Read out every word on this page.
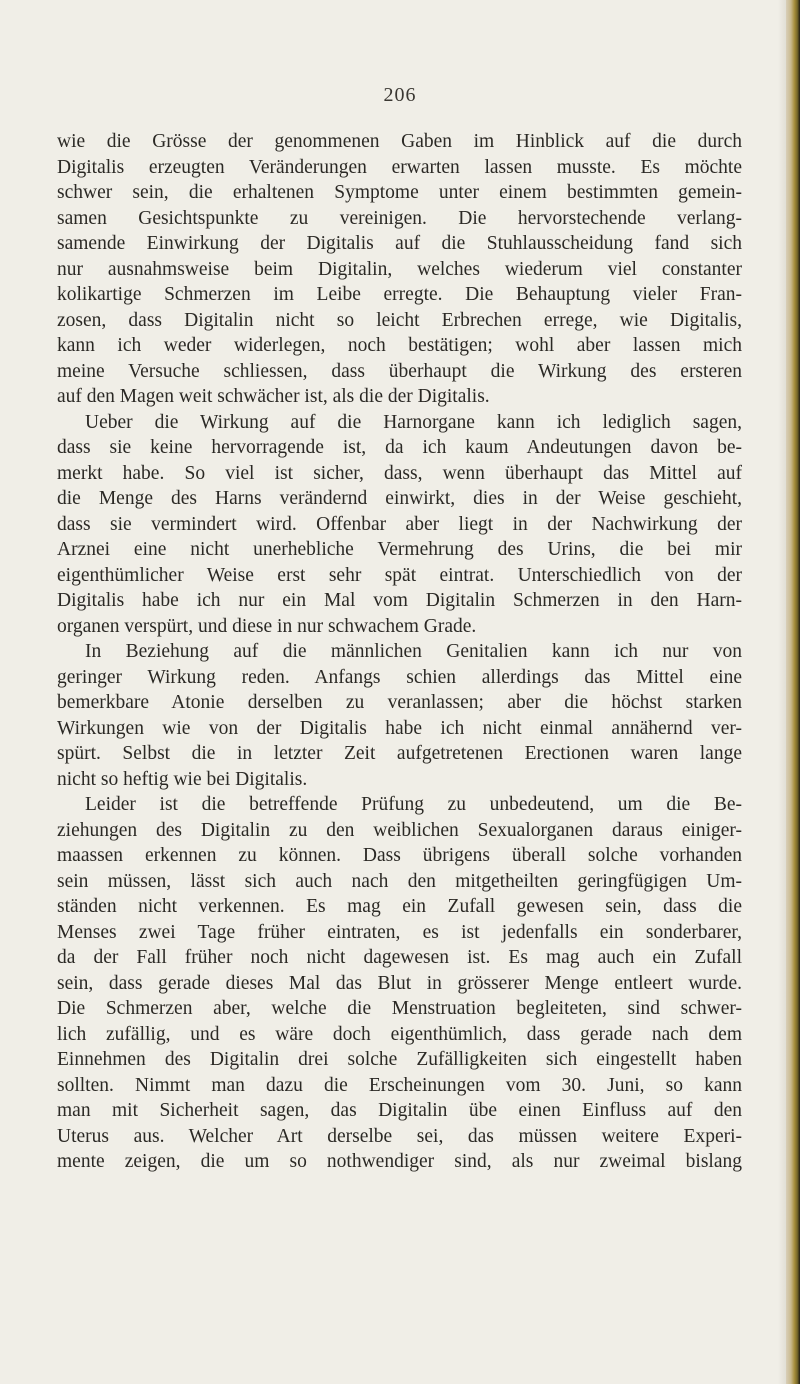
206
wie die Grösse der genommenen Gaben im Hinblick auf die durch
Digitalis erzeugten Veränderungen erwarten lassen musste. Es möchte
schwer sein, die erhaltenen Symptome unter einem bestimmten gemein-
samen Gesichtspunkte zu vereinigen. Die hervorstechende verlang-
samende Einwirkung der Digitalis auf die Stuhlausscheidung fand sich
nur ausnahmsweise beim Digitalin, welches wiederum viel constanter
kolikartige Schmerzen im Leibe erregte. Die Behauptung vieler Fran-
zosen, dass Digitalin nicht so leicht Erbrechen errege, wie Digitalis,
kann ich weder widerlegen, noch bestätigen; wohl aber lassen mich
meine Versuche schliessen, dass überhaupt die Wirkung des ersteren
auf den Magen weit schwächer ist, als die der Digitalis.
Ueber die Wirkung auf die Harnorgane kann ich lediglich sagen,
dass sie keine hervorragende ist, da ich kaum Andeutungen davon be-
merkt habe. So viel ist sicher, dass, wenn überhaupt das Mittel auf
die Menge des Harns verändernd einwirkt, dies in der Weise geschieht,
dass sie vermindert wird. Offenbar aber liegt in der Nachwirkung der
Arznei eine nicht unerhebliche Vermehrung des Urins, die bei mir
eigenthümlicher Weise erst sehr spät eintrat. Unterschiedlich von der
Digitalis habe ich nur ein Mal vom Digitalin Schmerzen in den Harn-
organen verspürt, und diese in nur schwachem Grade.
In Beziehung auf die männlichen Genitalien kann ich nur von
geringer Wirkung reden. Anfangs schien allerdings das Mittel eine
bemerkbare Atonie derselben zu veranlassen; aber die höchst starken
Wirkungen wie von der Digitalis habe ich nicht einmal annähernd ver-
spürt. Selbst die in letzter Zeit aufgetretenen Erectionen waren lange
nicht so heftig wie bei Digitalis.
Leider ist die betreffende Prüfung zu unbedeutend, um die Be-
ziehungen des Digitalin zu den weiblichen Sexualorganen daraus einiger-
maassen erkennen zu können. Dass übrigens überall solche vorhanden
sein müssen, lässt sich auch nach den mitgetheilten geringfügigen Um-
ständen nicht verkennen. Es mag ein Zufall gewesen sein, dass die
Menses zwei Tage früher eintraten, es ist jedenfalls ein sonderbarer,
da der Fall früher noch nicht dagewesen ist. Es mag auch ein Zufall
sein, dass gerade dieses Mal das Blut in grösserer Menge entleert wurde.
Die Schmerzen aber, welche die Menstruation begleiteten, sind schwer-
lich zufällig, und es wäre doch eigenthümlich, dass gerade nach dem
Einnehmen des Digitalin drei solche Zufälligkeiten sich eingestellt haben
sollten. Nimmt man dazu die Erscheinungen vom 30. Juni, so kann
man mit Sicherheit sagen, das Digitalin übe einen Einfluss auf den
Uterus aus. Welcher Art derselbe sei, das müssen weitere Experi-
mente zeigen, die um so nothwendiger sind, als nur zweimal bislang
